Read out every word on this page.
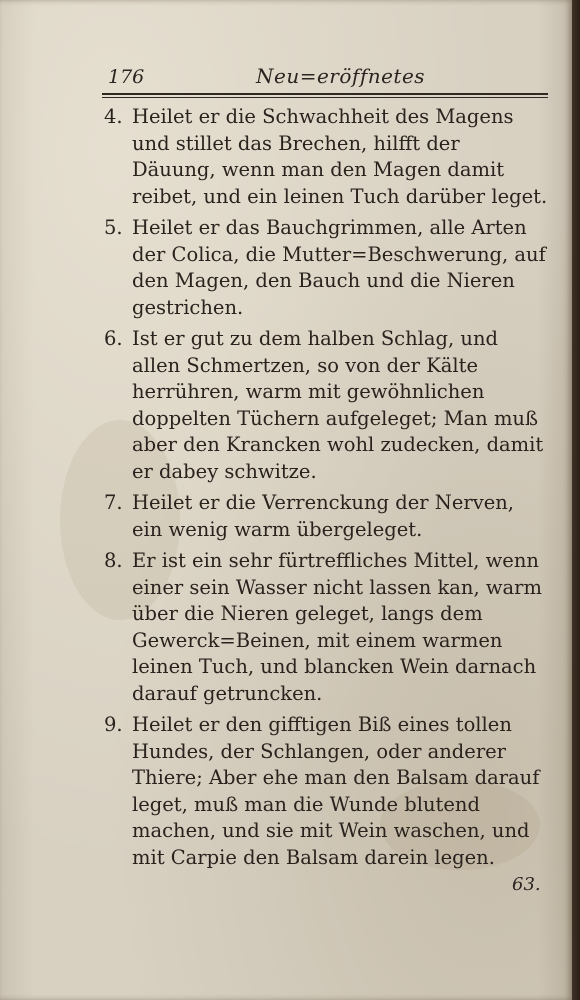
176	Neu=eröffnetes
4. Heilet er die Schwachheit des Magens und stillet das Brechen, hilfft der Däuung, wenn man den Magen damit reibet, und ein leinen Tuch darüber leget.
5. Heilet er das Bauchgrimmen, alle Arten der Colica, die Mutter=Beschwerung, auf den Magen, den Bauch und die Nieren gestrichen.
6. Ist er gut zu dem halben Schlag, und allen Schmertzen, so von der Kälte herrühren, warm mit gewöhnlichen doppelten Tüchern aufgeleget; Man muß aber den Krancken wohl zudecken, damit er dabey schwitze.
7. Heilet er die Verrenckung der Nerven, ein wenig warm übergeleget.
8. Er ist ein sehr fürtreffliches Mittel, wenn einer sein Wasser nicht lassen kan, warm über die Nieren geleget, langs dem Gewerck=Beinen, mit einem warmen leinen Tuch, und blancken Wein darnach darauf getruncken.
9. Heilet er den gifftigen Biß eines tollen Hundes, der Schlangen, oder anderer Thiere; Aber ehe man den Balsam darauf leget, muß man die Wunde blutend machen, und sie mit Wein waschen, und mit Carpie den Balsam darein legen.
63.
